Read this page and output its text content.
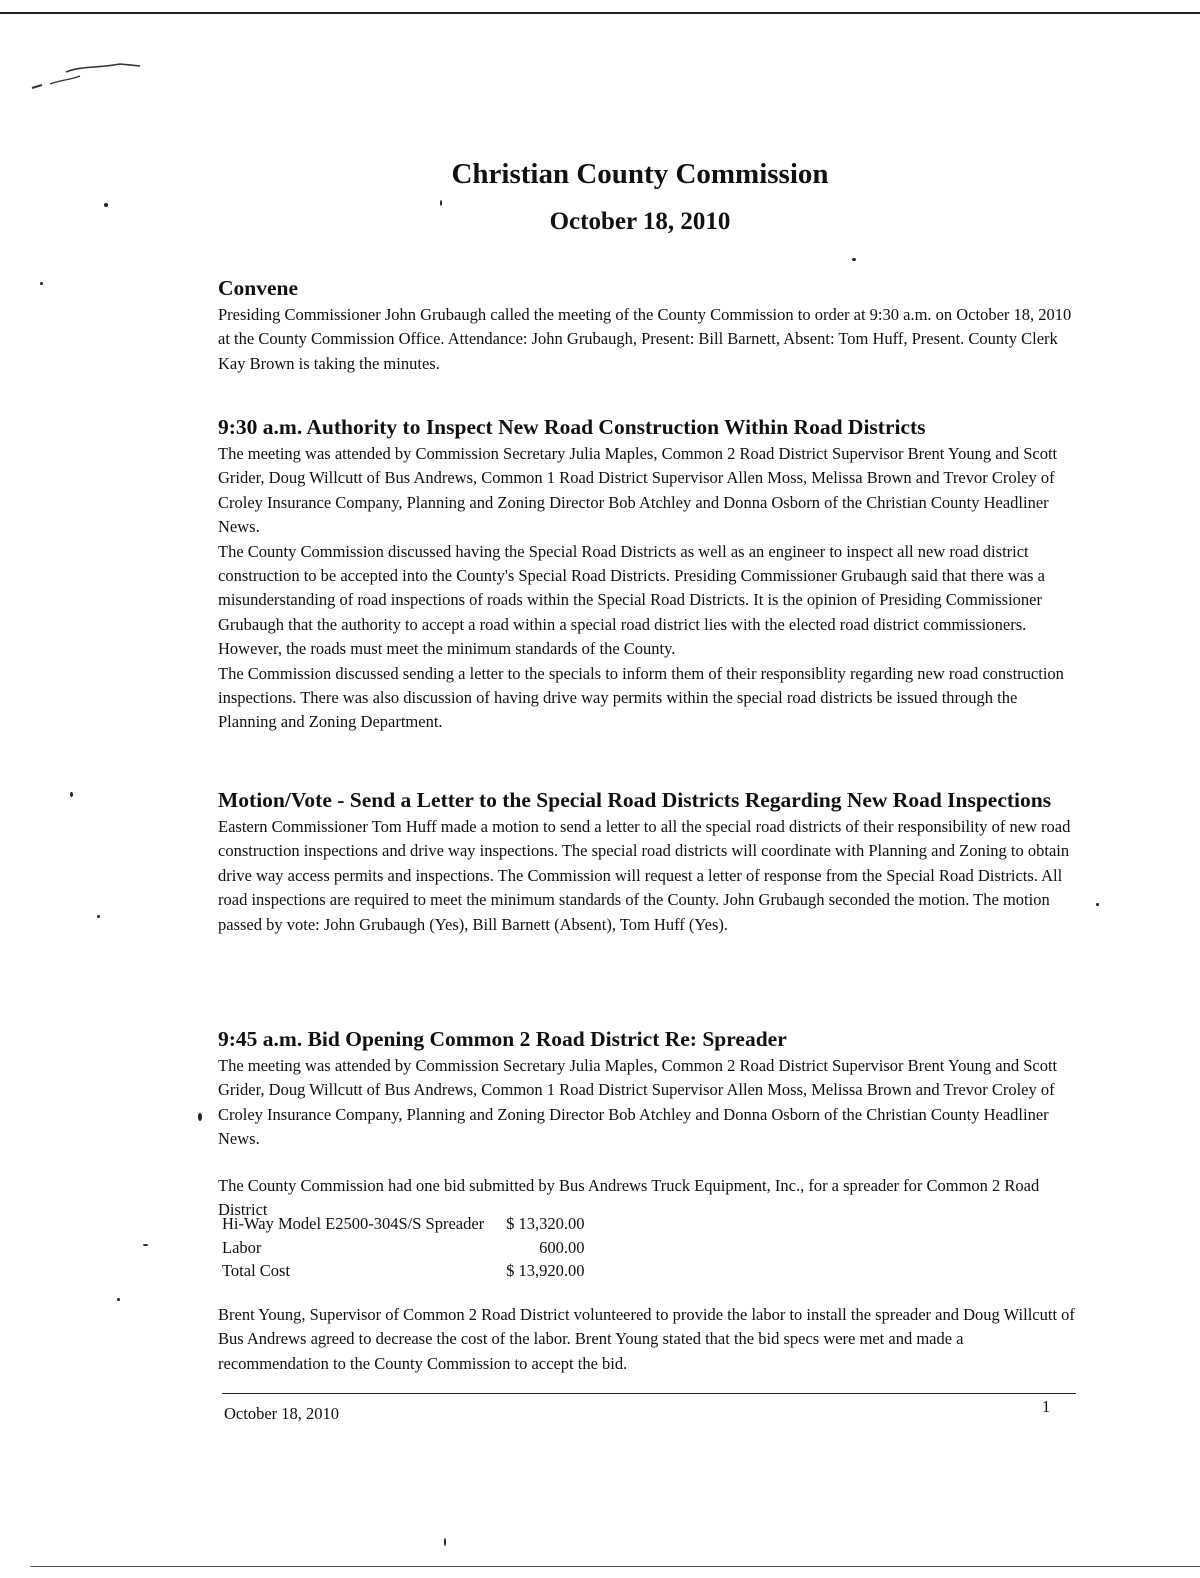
Christian County Commission
October 18, 2010
Convene

Presiding Commissioner John Grubaugh called the meeting of the County Commission to order at 9:30 a.m. on October 18, 2010 at the County Commission Office. Attendance: John Grubaugh, Present: Bill Barnett, Absent: Tom Huff, Present. County Clerk Kay Brown is taking the minutes.

9:30 a.m. Authority to Inspect New Road Construction Within Road Districts

The meeting was attended by Commission Secretary Julia Maples, Common 2 Road District Supervisor Brent Young and Scott Grider, Doug Willcutt of Bus Andrews, Common 1 Road District Supervisor Allen Moss, Melissa Brown and Trevor Croley of Croley Insurance Company, Planning and Zoning Director Bob Atchley and Donna Osborn of the Christian County Headliner News.

The County Commission discussed having the Special Road Districts as well as an engineer to inspect all new road district construction to be accepted into the County's Special Road Districts. Presiding Commissioner Grubaugh said that there was a misunderstanding of road inspections of roads within the Special Road Districts. It is the opinion of Presiding Commissioner Grubaugh that the authority to accept a road within a special road district lies with the elected road district commissioners. However, the roads must meet the minimum standards of the County.

The Commission discussed sending a letter to the specials to inform them of their responsiblity regarding new road construction inspections. There was also discussion of having drive way permits within the special road districts be issued through the Planning and Zoning Department.

Motion/Vote - Send a Letter to the Special Road Districts Regarding New Road Inspections

Eastern Commissioner Tom Huff made a motion to send a letter to all the special road districts of their responsibility of new road construction inspections and drive way inspections. The special road districts will coordinate with Planning and Zoning to obtain drive way access permits and inspections. The Commission will request a letter of response from the Special Road Districts. All road inspections are required to meet the minimum standards of the County. John Grubaugh seconded the motion. The motion passed by vote: John Grubaugh (Yes), Bill Barnett (Absent), Tom Huff (Yes).

9:45 a.m. Bid Opening Common 2 Road District Re: Spreader

The meeting was attended by Commission Secretary Julia Maples, Common 2 Road District Supervisor Brent Young and Scott Grider, Doug Willcutt of Bus Andrews, Common 1 Road District Supervisor Allen Moss, Melissa Brown and Trevor Croley of Croley Insurance Company, Planning and Zoning Director Bob Atchley and Donna Osborn of the Christian County Headliner News.

The County Commission had one bid submitted by Bus Andrews Truck Equipment, Inc., for a spreader for Common 2 Road District

Hi-Way Model E2500-304S/S Spreader	$ 13,320.00
Labor	600.00
Total Cost	$ 13,920.00

Brent Young, Supervisor of Common 2 Road District volunteered to provide the labor to install the spreader and Doug Willcutt of Bus Andrews agreed to decrease the cost of the labor. Brent Young stated that the bid specs were met and made a recommendation to the County Commission to accept the bid.

October 18, 2010	1
